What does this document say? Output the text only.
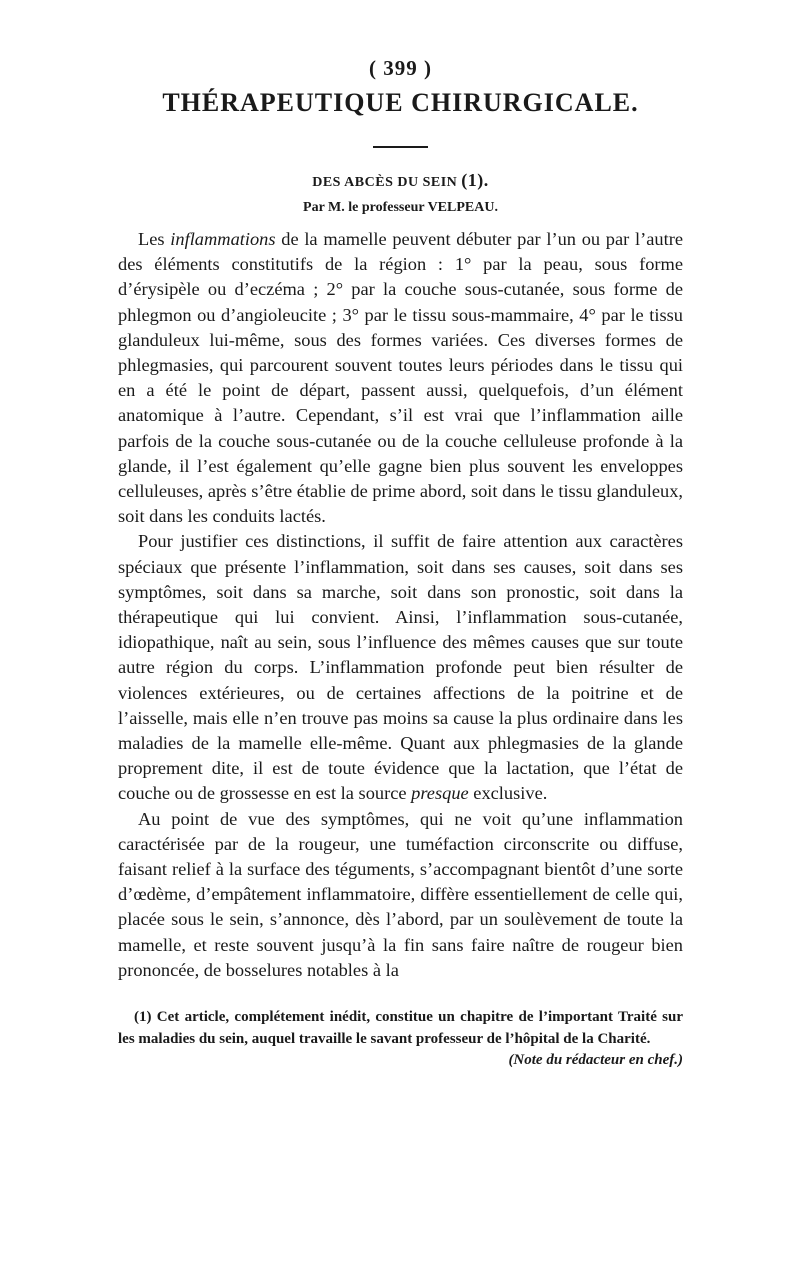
( 399 )
THÉRAPEUTIQUE CHIRURGICALE.
DES ABCÈS DU SEIN (1).
Par M. le professeur VELPEAU.

Les inflammations de la mamelle peuvent débuter par l’un ou par l’autre des éléments constitutifs de la région : 1° par la peau, sous forme d’érysipèle ou d’eczéma ; 2° par la couche sous-cutanée, sous forme de phlegmon ou d’angioleucite ; 3° par le tissu sous-mammaire, 4° par le tissu glanduleux lui-même, sous des formes variées. Ces diverses formes de phlegmasies, qui parcourent souvent toutes leurs périodes dans le tissu qui en a été le point de départ, passent aussi, quelquefois, d’un élément anatomique à l’autre. Cependant, s’il est vrai que l’inflammation aille parfois de la couche sous-cutanée ou de la couche celluleuse profonde à la glande, il l’est également qu’elle gagne bien plus souvent les enveloppes celluleuses, après s’être établie de prime abord, soit dans le tissu glanduleux, soit dans les conduits lactés.

Pour justifier ces distinctions, il suffit de faire attention aux caractères spéciaux que présente l’inflammation, soit dans ses causes, soit dans ses symptômes, soit dans sa marche, soit dans son pronostic, soit dans la thérapeutique qui lui convient. Ainsi, l’inflammation sous-cutanée, idiopathique, naît au sein, sous l’influence des mêmes causes que sur toute autre région du corps. L’inflammation profonde peut bien résulter de violences extérieures, ou de certaines affections de la poitrine et de l’aisselle, mais elle n’en trouve pas moins sa cause la plus ordinaire dans les maladies de la mamelle elle-même. Quant aux phlegmasies de la glande proprement dite, il est de toute évidence que la lactation, que l’état de couche ou de grossesse en est la source presque exclusive.

Au point de vue des symptômes, qui ne voit qu’une inflammation caractérisée par de la rougeur, une tuméfaction circonscrite ou diffuse, faisant relief à la surface des téguments, s’accompagnant bientôt d’une sorte d’œdème, d’empâtement inflammatoire, diffère essentiellement de celle qui, placée sous le sein, s’annonce, dès l’abord, par un soulèvement de toute la mamelle, et reste souvent jusqu’à la fin sans faire naître de rougeur bien prononcée, de bosselures notables à la

(1) Cet article, complétement inédit, constitue un chapitre de l’important Traité sur les maladies du sein, auquel travaille le savant professeur de l’hôpital de la Charité.
(Note du rédacteur en chef.)
